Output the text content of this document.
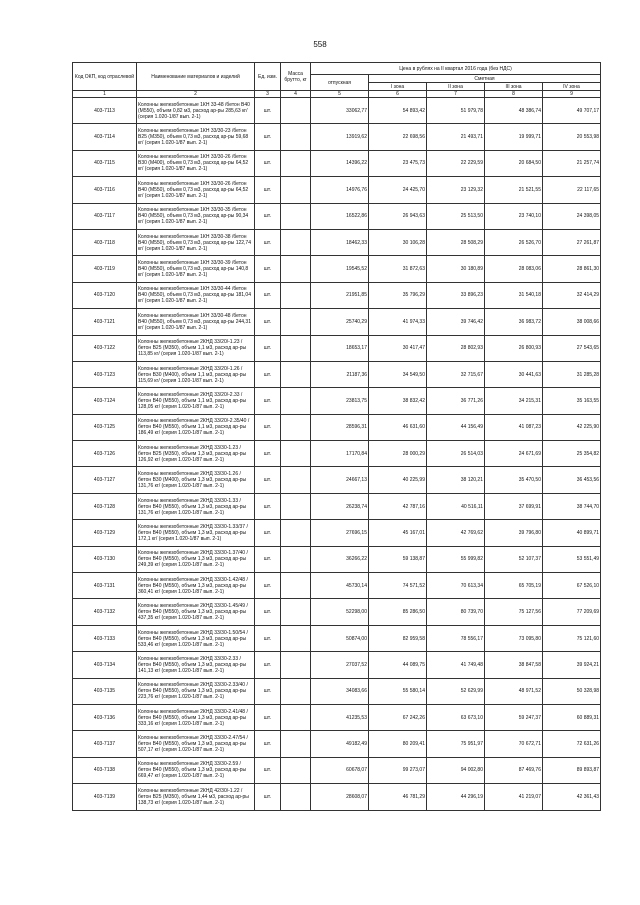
558
Код ОКП, код отраслевой	Наименование материалов и изделий	Ед. изм.	Масса брутто, кг	Цена в рублях на II квартал 2016 года (без НДС)				
				отпускная	Сметная			
					I зона	II зона	III зона	IV зона
1	2	3	4	5	6	7	8	9
403-7113	Колонны железобетонные 1КН 33-48 /бетон В40 (М550), объем 0,82 м3, расход ар-ры 285,63 кг/ (серия 1.020-1/87 вып. 2-1)	шт.		33062,77	54 893,42	51 979,78	48 386,74	49 707,17
403-7114	Колонны железобетонные 1КН 33/30-23 /бетон В25 (М350), объем 0,73 м3, расход ар-ры 59,68 кг/ (серия 1.020-1/87 вып. 2-1)	шт.		13919,62	22 698,56	21 493,71	19 999,71	20 553,98
403-7115	Колонны железобетонные 1КН 33/30-26 /бетон В30 (М400), объем 0,73 м3, расход ар-ры 64,52 кг/ (серия 1.020-1/87 вып. 2-1)	шт.		14396,22	23 475,73	22 229,59	20 684,50	21 257,74
403-7116	Колонны железобетонные 1КН 33/30-26 /бетон В40 (М550), объем 0,73 м3, расход ар-ры 64,52 кг/ (серия 1.020-1/87 вып. 2-1)	шт.		14976,76	24 425,70	23 129,32	21 521,55	22 117,65
403-7117	Колонны железобетонные 1КН 33/30-35 /бетон В40 (М550), объем 0,73 м3, расход ар-ры 90,34 кг/ (серия 1.020-1/87 вып. 2-1)	шт.		16522,86	26 943,63	25 513,50	23 740,10	24 398,05
403-7118	Колонны железобетонные 1КН 33/30-38 /бетон В40 (М550), объем 0,73 м3, расход ар-ры 122,74 кг/ (серия 1.020-1/87 вып. 2-1)	шт.		18462,33	30 106,28	28 508,29	26 526,70	27 261,87
403-7119	Колонны железобетонные 1КН 33/30-39 /бетон В40 (М550), объем 0,73 м3, расход ар-ры 140,8 кг/ (серия 1.020-1/87 вып. 2-1)	шт.		19545,52	31 872,63	30 180,89	28 083,06	28 861,30
403-7120	Колонны железобетонные 1КН 33/30-44 /бетон В40 (М550), объем 0,73 м3, расход ар-ры 181,04 кг/ (серия 1.020-1/87 вып. 2-1)	шт.		21951,85	35 796,29	33 896,23	31 540,18	32 414,29
403-7121	Колонны железобетонные 1КН 33/30-48 /бетон В40 (М550), объем 0,73 м3, расход ар-ры 244,31 кг/ (серия 1.020-1/87 вып. 2-1)	шт.		25740,29	41 974,33	39 746,42	36 983,72	38 008,66
403-7122	Колонны железобетонные 2КНД 33/20/-1.23 /бетон В25 (М350), объем 1,1 м3, расход ар-ры 113,85 кг/ (серия 1.020-1/87 вып. 2-1)	шт.		18653,17	30 417,47	28 802,93	26 800,93	27 543,65
403-7123	Колонны железобетонные 2КНД 33/20/-1.26 /бетон В30 (М400), объем 1,1 м3, расход ар-ры 115,69 кг/ (серия 1.020-1/87 вып. 2-1)	шт.		21187,36	34 549,50	32 715,67	30 441,63	31 285,28
403-7124	Колонны железобетонные 2КНД 33/20/-2.33 /бетон В40 (М550), объем 1,1 м3, расход ар-ры 128,05 кг/ (серия 1.020-1/87 вып. 2-1)	шт.		23813,75	38 832,42	36 771,26	34 215,31	35 163,55
403-7125	Колонны железобетонные 2КНД 33/20/-2.35/40 /бетон В40 (М550), объем 1,1 м3, расход ар-ры 186,49 кг/ (серия 1.020-1/87 вып. 2-1)	шт.		28596,31	46 631,60	44 156,49	41 087,23	42 225,90
403-7126	Колонны железобетонные 2КНД 33/30-1.23 /бетон В25 (М350), объем 1,3 м3, расход ар-ры 126,92 кг/ (серия 1.020-1/87 вып. 2-1)	шт.		17170,84	28 000,29	26 514,03	24 671,69	25 354,82
403-7127	Колонны железобетонные 2КНД 33/30-1.26 /бетон В30 (М400), объем 1,3 м3, расход ар-ры 131,76 кг/ (серия 1.020-1/87 вып. 2-1)	шт.		24667,13	40 225,99	38 120,21	35 470,50	36 453,56
403-7128	Колонны железобетонные 2КНД 33/30-1.33 /бетон В40 (М550), объем 1,3 м3, расход ар-ры 131,76 кг/ (серия 1.020-1/87 вып. 2-1)	шт.		26238,74	42 787,16	40 516,11	37 699,91	38 744,70
403-7129	Колонны железобетонные 2КНД 33/30-1.33/37 /бетон В40 (М550), объем 1,3 м3, расход ар-ры 172,1 кг/ (серия 1.020-1/87 вып. 2-1)	шт.		27696,15	45 167,01	42 769,62	39 796,80	40 899,71
403-7130	Колонны железобетонные 2КНД 33/30-1.37/40 /бетон В40 (М550), объем 1,3 м3, расход ар-ры 249,39 кг/ (серия 1.020-1/87 вып. 2-1)	шт.		36266,22	59 138,87	55 999,82	52 107,37	53 551,49
403-7131	Колонны железобетонные 2КНД 33/30-1.42/48 /бетон В40 (М550), объем 1,3 м3, расход ар-ры 360,41 кг/ (серия 1.020-1/87 вып. 2-1)	шт.		45730,14	74 571,52	70 613,34	65 705,19	67 526,10
403-7132	Колонны железобетонные 2КНД 33/30-1.45/49 /бетон В40 (М550), объем 1,3 м3, расход ар-ры 437,35 кг/ (серия 1.020-1/87 вып. 2-1)	шт.		52298,00	85 286,50	80 739,70	75 127,56	77 209,69
403-7133	Колонны железобетонные 2КНД 33/30-1.50/54 /бетон В40 (М550), объем 1,3 м3, расход ар-ры 533,46 кг/ (серия 1.020-1/87 вып. 2-1)	шт.		50874,00	82 959,58	78 556,17	73 095,80	75 121,60
403-7134	Колонны железобетонные 2КНД 33/30-2.33 /бетон В40 (М550), объем 1,3 м3, расход ар-ры 141,13 кг/ (серия 1.020-1/87 вып. 2-1)	шт.		27037,52	44 089,75	41 749,48	38 847,58	39 924,21
403-7135	Колонны железобетонные 2КНД 33/30-2.33/40 /бетон В40 (М550), объем 1,3 м3, расход ар-ры 223,76 кг/ (серия 1.020-1/87 вып. 2-1)	шт.		34083,66	55 580,14	52 629,99	48 971,52	50 328,98
403-7136	Колонны железобетонные 2КНД 33/30-2.41/48 /бетон В40 (М550), объем 1,3 м3, расход ар-ры 333,16 кг/ (серия 1.020-1/87 вып. 2-1)	шт.		41235,53	67 242,26	63 673,10	59 247,37	60 889,31
403-7137	Колонны железобетонные 2КНД 33/30-2.47/54 /бетон В40 (М550), объем 1,3 м3, расход ар-ры 507,17 кг/ (серия 1.020-1/87 вып. 2-1)	шт.		49182,49	80 209,41	75 951,97	70 672,71	72 631,26
403-7138	Колонны железобетонные 2КНД 33/30-2.59 /бетон В40 (М550), объем 1,3 м3, расход ар-ры 669,47 кг/ (серия 1.020-1/87 вып. 2-1)	шт.		60678,07	99 273,07	94 002,80	87 469,76	89 893,87
403-7139	Колонны железобетонные 2КНД 42/30/-1.22 /бетон В25 (М350), объем 1,44 м3, расход ар-ры 138,73 кг/ (серия 1.020-1/87 вып. 2-1)	шт.		28608,07	46 781,29	44 296,19	41 219,07	42 361,43
